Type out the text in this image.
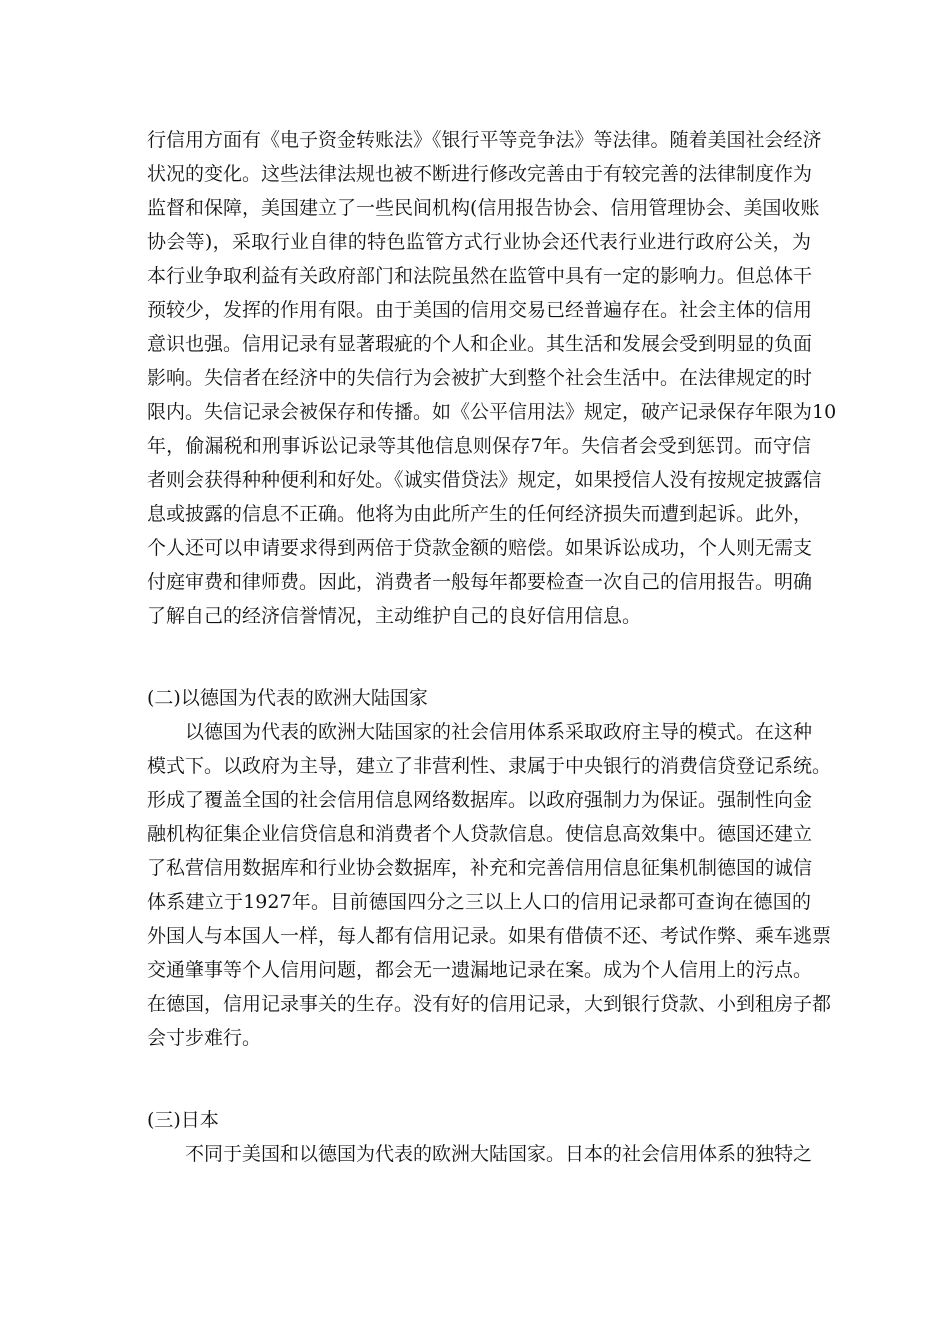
行信用方面有《电子资金转账法》《银行平等竞争法》等法律。随着美国社会经济
状况的变化。这些法律法规也被不断进行修改完善由于有较完善的法律制度作为
监督和保障，美国建立了一些民间机构(信用报告协会、信用管理协会、美国收账
协会等)，采取行业自律的特色监管方式行业协会还代表行业进行政府公关，为
本行业争取利益有关政府部门和法院虽然在监管中具有一定的影响力。但总体干
预较少，发挥的作用有限。由于美国的信用交易已经普遍存在。社会主体的信用
意识也强。信用记录有显著瑕疵的个人和企业。其生活和发展会受到明显的负面
影响。失信者在经济中的失信行为会被扩大到整个社会生活中。在法律规定的时
限内。失信记录会被保存和传播。如《公平信用法》规定，破产记录保存年限为10
年，偷漏税和刑事诉讼记录等其他信息则保存7年。失信者会受到惩罚。而守信
者则会获得种种便利和好处。《诚实借贷法》规定，如果授信人没有按规定披露信
息或披露的信息不正确。他将为由此所产生的任何经济损失而遭到起诉。此外，
个人还可以申请要求得到两倍于贷款金额的赔偿。如果诉讼成功，个人则无需支
付庭审费和律师费。因此，消费者一般每年都要检查一次自己的信用报告。明确
了解自己的经济信誉情况，主动维护自己的良好信用信息。
(二)以德国为代表的欧洲大陆国家
　　以德国为代表的欧洲大陆国家的社会信用体系采取政府主导的模式。在这种
模式下。以政府为主导，建立了非营利性、隶属于中央银行的消费信贷登记系统。
形成了覆盖全国的社会信用信息网络数据库。以政府强制力为保证。强制性向金
融机构征集企业信贷信息和消费者个人贷款信息。使信息高效集中。德国还建立
了私营信用数据库和行业协会数据库，补充和完善信用信息征集机制德国的诚信
体系建立于1927年。目前德国四分之三以上人口的信用记录都可查询在德国的
外国人与本国人一样，每人都有信用记录。如果有借债不还、考试作弊、乘车逃票
交通肇事等个人信用问题，都会无一遗漏地记录在案。成为个人信用上的污点。
在德国，信用记录事关的生存。没有好的信用记录，大到银行贷款、小到租房子都
会寸步难行。
(三)日本
　　不同于美国和以德国为代表的欧洲大陆国家。日本的社会信用体系的独特之
